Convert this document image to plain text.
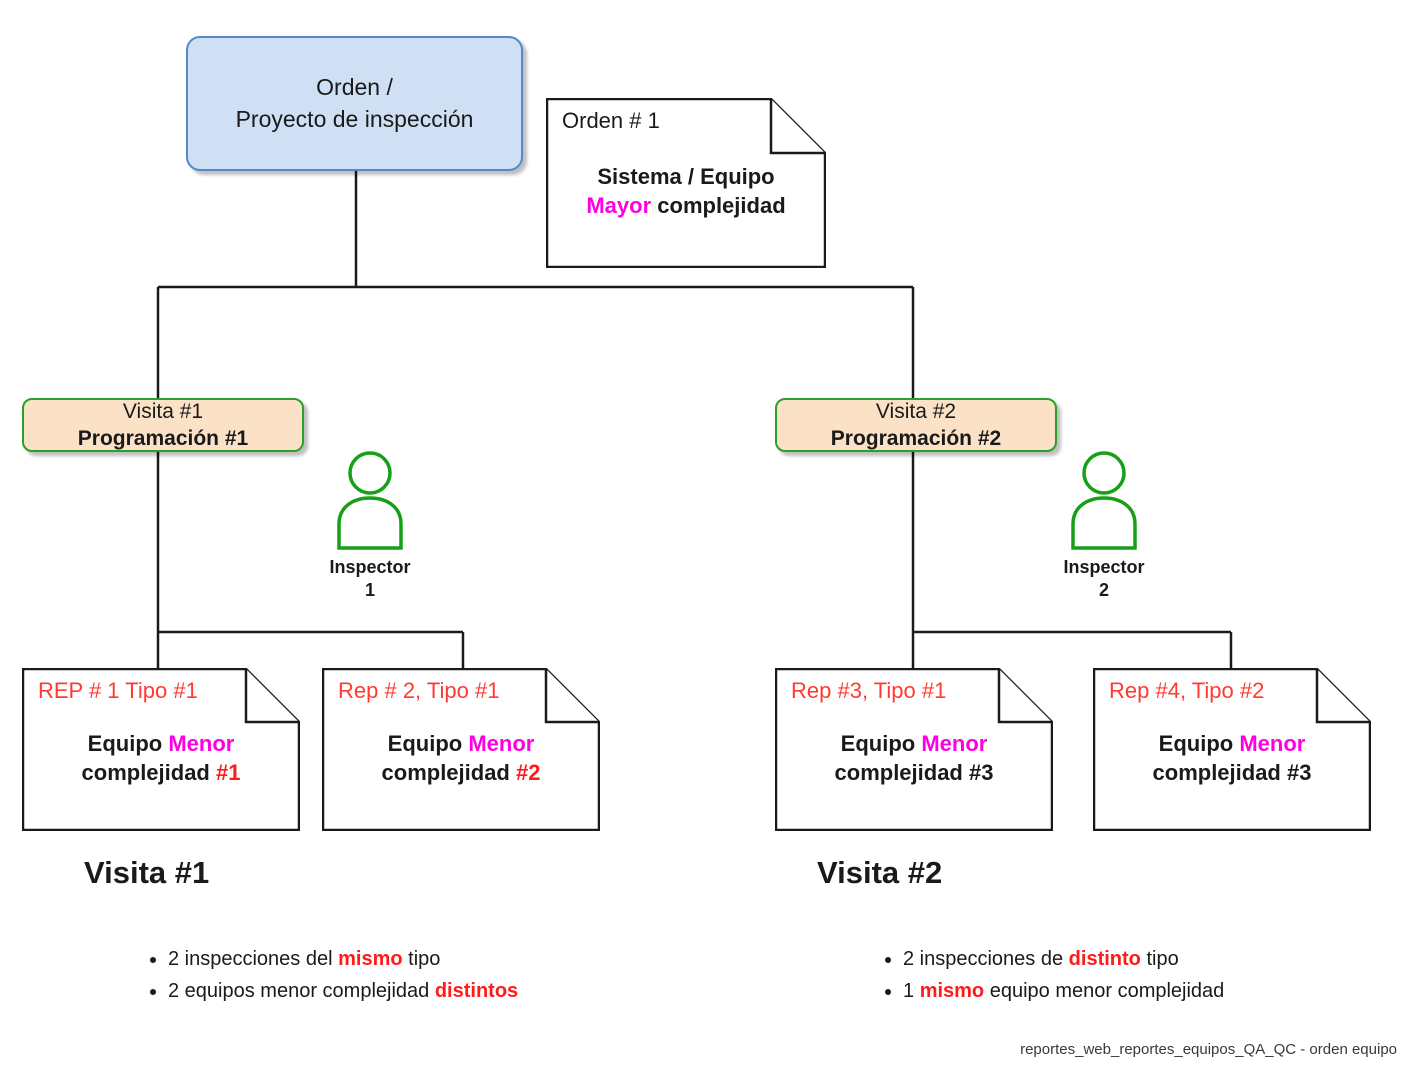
Orden /
Proyecto de inspección	Orden # 1
Sistema / Equipo
Mayor complejidad
Visita #1
Programación #1
Inspector
1
REP # 1 Tipo #1
Equipo Menor
complejidad #1
Rep # 2, Tipo #1
Equipo Menor
complejidad #2
Visita #1
• 2 inspecciones del mismo tipo
• 2 equipos menor complejidad distintos
Visita #2
Programación #2
Inspector
2
Rep #3, Tipo #1
Equipo Menor
complejidad #3
Rep #4, Tipo #2
Equipo Menor
complejidad #3
Visita #2
• 2 inspecciones de distinto tipo
• 1 mismo equipo menor complejidad
reportes_web_reportes_equipos_QA_QC - orden equipo
